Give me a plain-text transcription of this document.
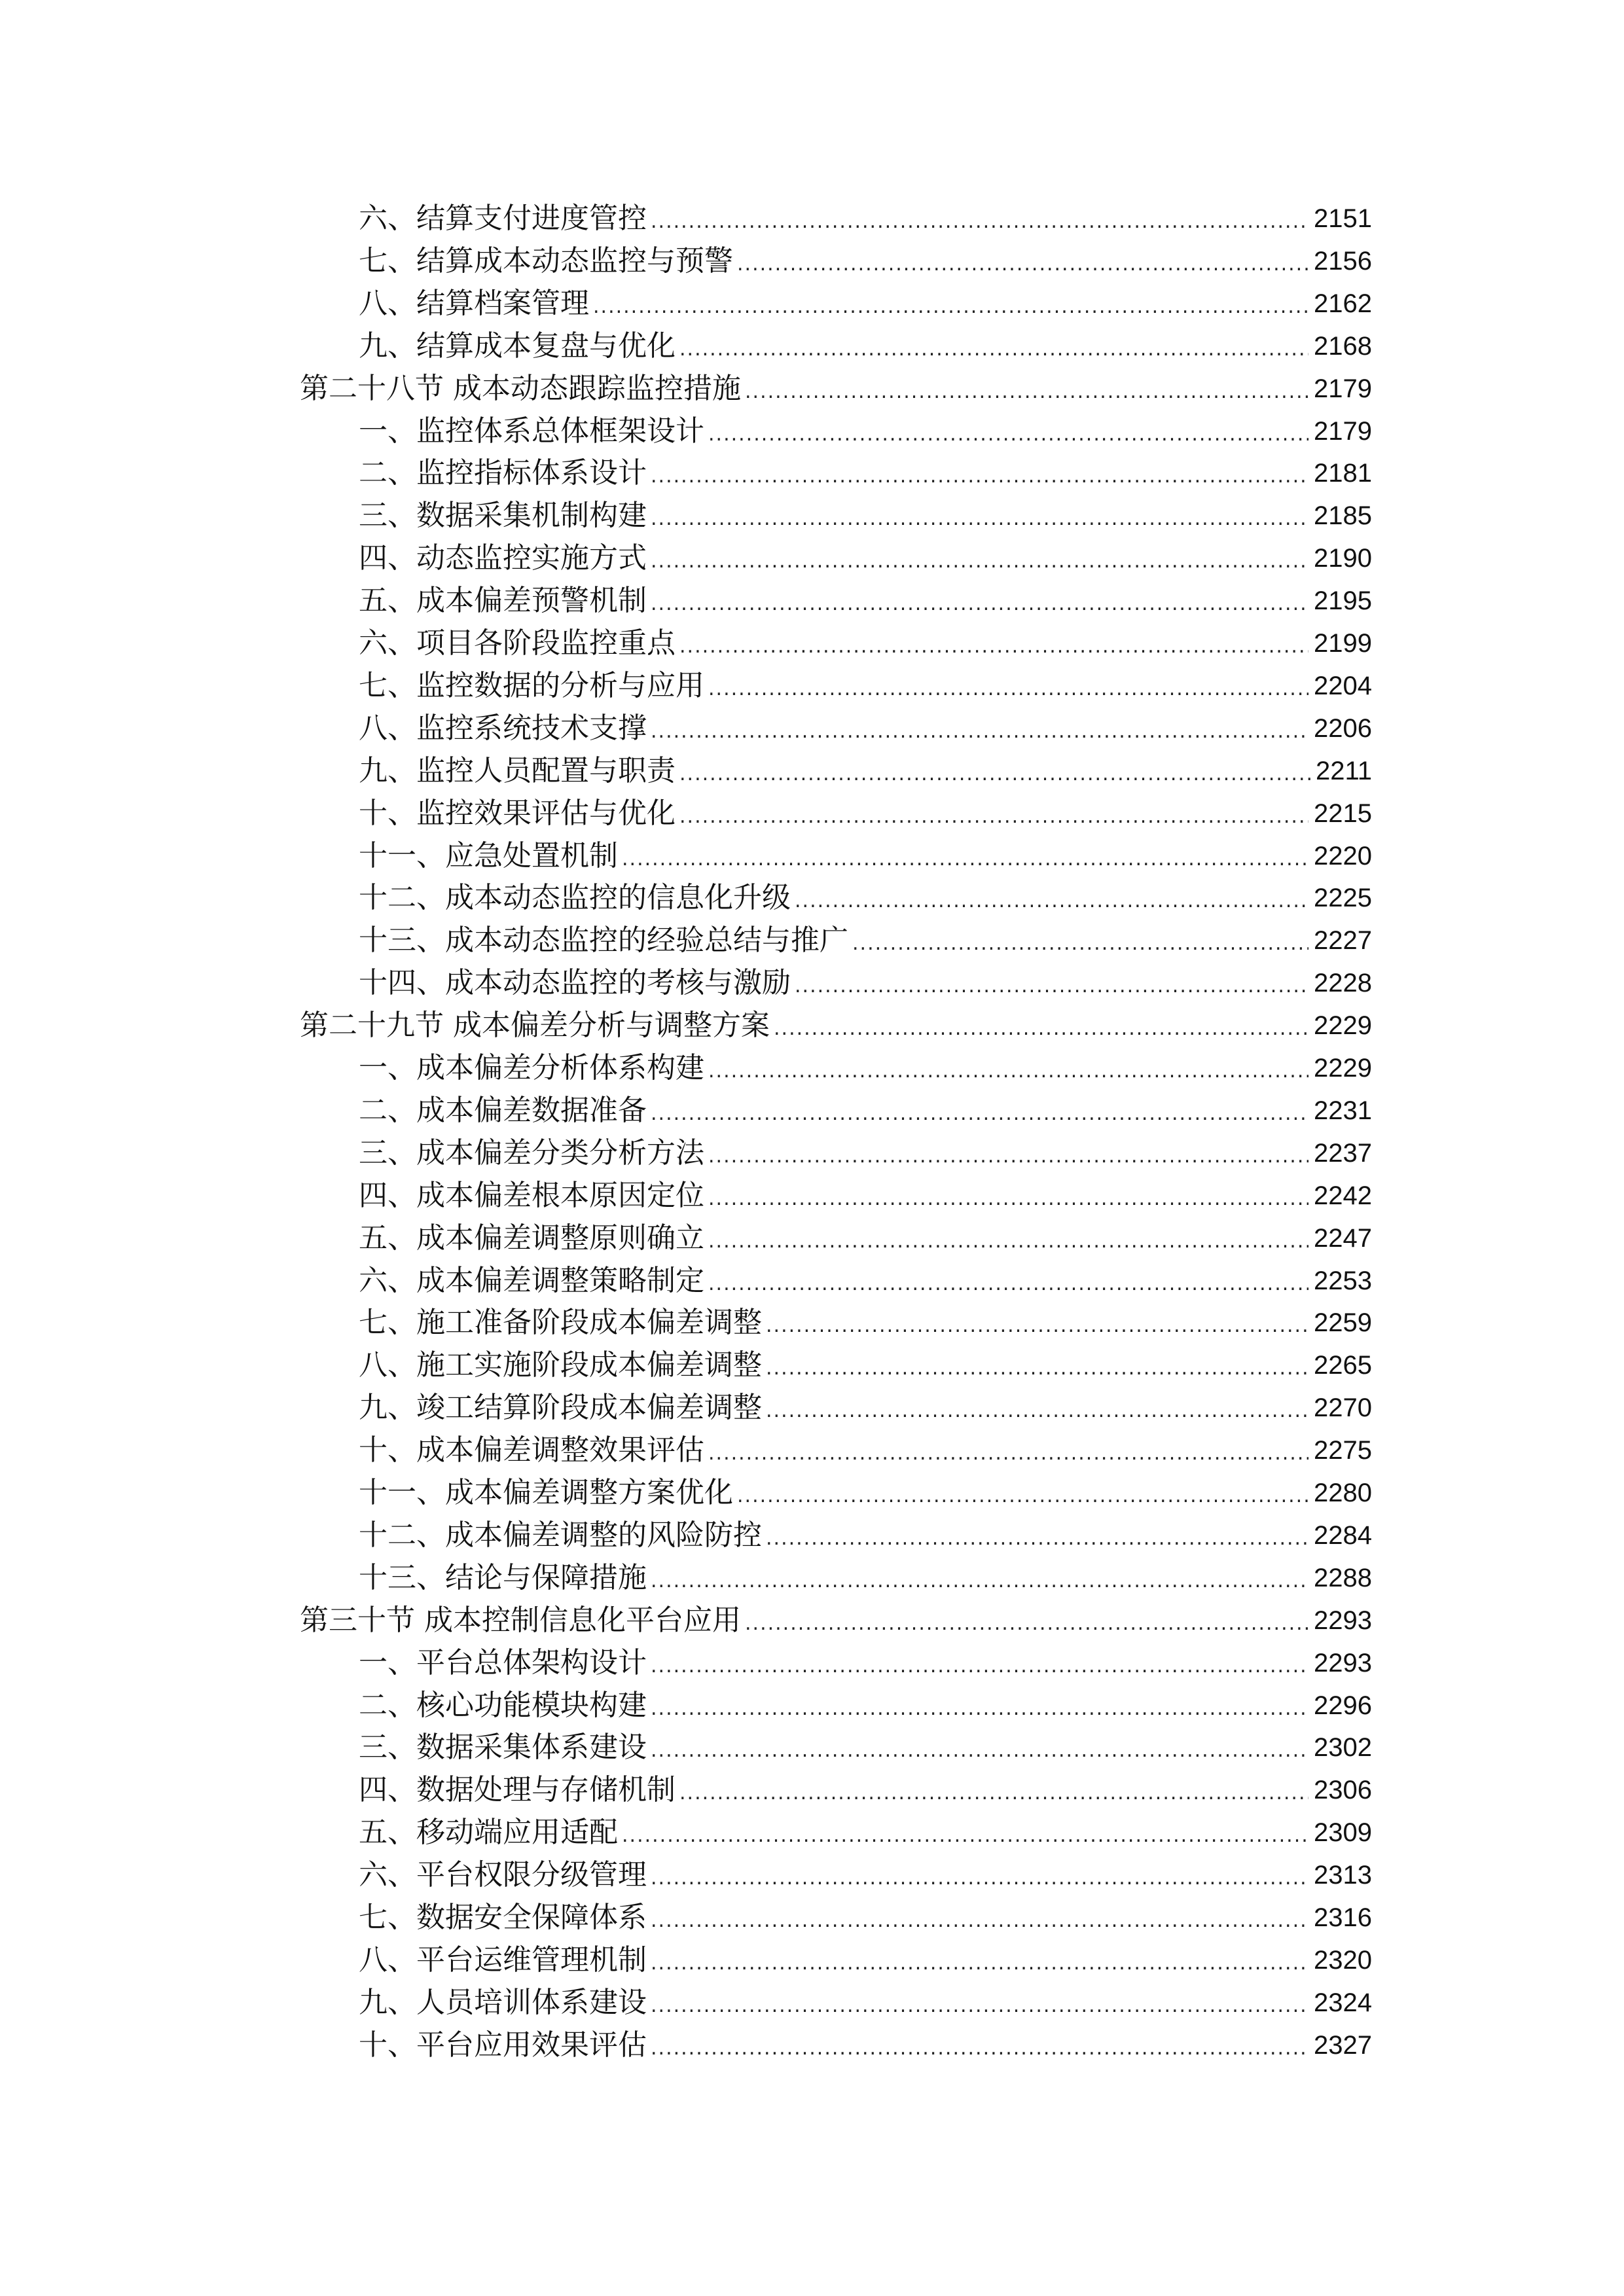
六、结算支付进度管控 .....	2151
七、结算成本动态监控与预警 .....	2156
八、结算档案管理 .....	2162
九、结算成本复盘与优化 .....	2168
第二十八节 成本动态跟踪监控措施 .....	2179
一、监控体系总体框架设计 .....	2179
二、监控指标体系设计 .....	2181
三、数据采集机制构建 .....	2185
四、动态监控实施方式 .....	2190
五、成本偏差预警机制 .....	2195
六、项目各阶段监控重点 .....	2199
七、监控数据的分析与应用 .....	2204
八、监控系统技术支撑 .....	2206
九、监控人员配置与职责 .....	2211
十、监控效果评估与优化 .....	2215
十一、应急处置机制 .....	2220
十二、成本动态监控的信息化升级 .....	2225
十三、成本动态监控的经验总结与推广 .....	2227
十四、成本动态监控的考核与激励 .....	2228
第二十九节 成本偏差分析与调整方案 .....	2229
一、成本偏差分析体系构建 .....	2229
二、成本偏差数据准备 .....	2231
三、成本偏差分类分析方法 .....	2237
四、成本偏差根本原因定位 .....	2242
五、成本偏差调整原则确立 .....	2247
六、成本偏差调整策略制定 .....	2253
七、施工准备阶段成本偏差调整 .....	2259
八、施工实施阶段成本偏差调整 .....	2265
九、竣工结算阶段成本偏差调整 .....	2270
十、成本偏差调整效果评估 .....	2275
十一、成本偏差调整方案优化 .....	2280
十二、成本偏差调整的风险防控 .....	2284
十三、结论与保障措施 .....	2288
第三十节 成本控制信息化平台应用 .....	2293
一、平台总体架构设计 .....	2293
二、核心功能模块构建 .....	2296
三、数据采集体系建设 .....	2302
四、数据处理与存储机制 .....	2306
五、移动端应用适配 .....	2309
六、平台权限分级管理 .....	2313
七、数据安全保障体系 .....	2316
八、平台运维管理机制 .....	2320
九、人员培训体系建设 .....	2324
十、平台应用效果评估 .....	2327
